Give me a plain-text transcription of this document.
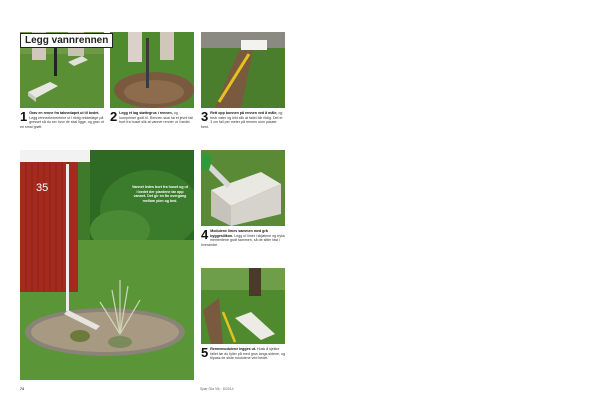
Legg vannrennen
1 Grav en renne fra taknedøpet ut til bedet. Legg renneelementene ut i riktig rekkefølge på gresset så du ser hvor de skal ligge, og grav ut en smal grøft.
2 Legg et lag støttegrus i rennen, og komprimer godt til. Rennen skal ha et jevnt fall bort fra huset slik at vannet renner ut i bedet.
35	Vannet ledes bort fra huset og ut i bedet der plantene tar opp vannet. Det gir en fin overgang mellom plen og bed.
74	Spør Ola Vik · 8/2014
3 Rett opp bunnen på rennen ved å måle, og bruk vater og lekt slik at fallet blir riktig. Det er 3 cm fall per meter på rennen som passer best.
4 Modulene limes sammen med grå byggesilikon. Legg ut limet i skjøtene og trykk elementene godt sammen, så de sitter fast i hverandre.
5 Rennemodulene legges ut. Husk å sjekke fallet før du fyller på med grus langs sidene, og tilpass de siste modulene ved bedet.
